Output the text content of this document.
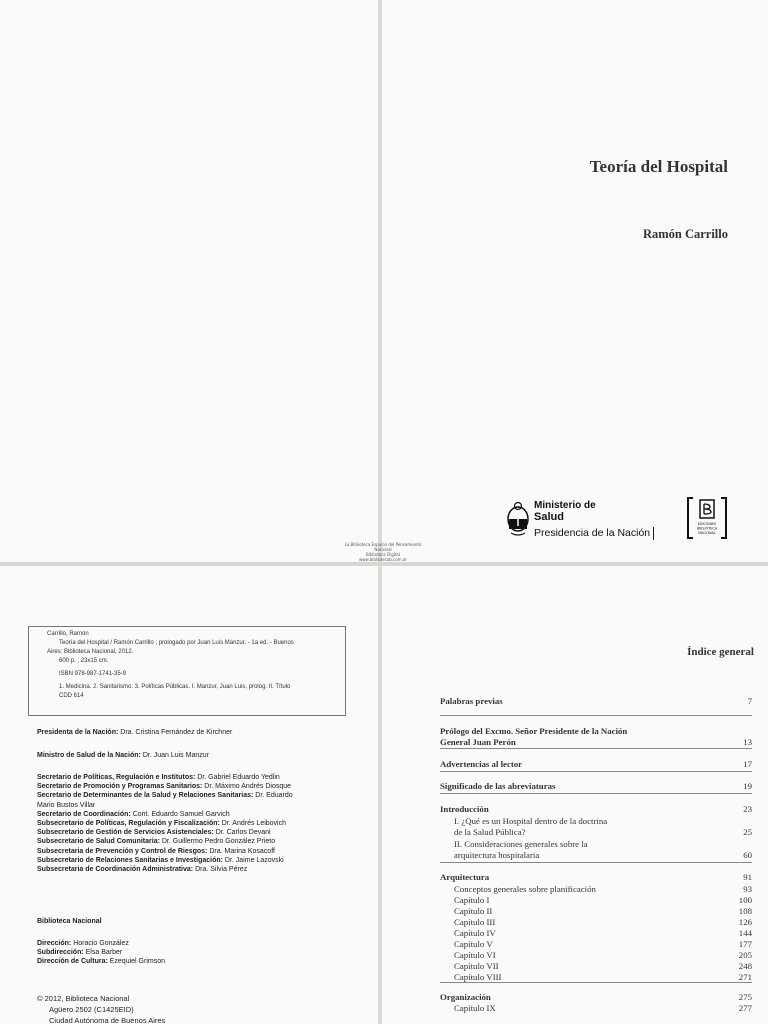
Teoría del Hospital
Ramón Carrillo
Ministerio de
Salud
Presidencia de la Nación
EDICIONES
BIBLIOTECA
NACIONAL
La Biblioteca Espacio del Pensamiento Nacional
Biblioteca Digital
www.bibliotecab.com.ar
Carrillo, Ramón
Teoría del Hospital / Ramón Carrillo ; prologado por Juan Luis Manzur. - 1a ed. - Buenos
Aires: Biblioteca Nacional, 2012.
600 p. ; 23x15 cm.
ISBN 978-987-1741-35-9
1. Medicina. 2. Sanitarismo. 3. Políticas Públicas. I. Manzur, Juan Luis, prolog. II. Título
CDD 614

Presidenta de la Nación: Dra. Cristina Fernández de Kirchner

Ministro de Salud de la Nación: Dr. Juan Luis Manzur

Secretario de Políticas, Regulación e Institutos: Dr. Gabriel Eduardo Yedlin

Secretario de Promoción y Programas Sanitarios: Dr. Máximo Andrés Diosque

Secretario de Determinantes de la Salud y Relaciones Sanitarias: Dr. Eduardo

Mario Bustos Villar

Secretario de Coordinación: Cont. Eduardo Samuel Garvich

Subsecretario de Políticas, Regulación y Fiscalización: Dr. Andrés Leibovich

Subsecretario de Gestión de Servicios Asistenciales: Dr. Carlos Devani

Subsecretario de Salud Comunitaria: Dr. Guillermo Pedro González Prieto

Subsecretaria de Prevención y Control de Riesgos: Dra. Marina Kosacoff

Subsecretario de Relaciones Sanitarias e Investigación: Dr. Jaime Lazovski

Subsecretaria de Coordinación Administrativa: Dra. Silvia Pérez

Biblioteca Nacional

Dirección: Horacio González

Subdirección: Elsa Barber

Dirección de Cultura: Ezequiel Grimson

© 2012, Biblioteca Nacional

Agüero 2502 (C1425EID)

Ciudad Autónoma de Buenos Aires

Índice general
Palabras previas	7
Prólogo del Excmo. Señor Presidente de la Nación
General Juan Perón	13
Advertencias al lector	17
Significado de las abreviaturas	19
Introducción	23
I. ¿Qué es un Hospital dentro de la doctrina
de la Salud Pública?	25
II. Consideraciones generales sobre la
arquitectura hospitalaria	60
Arquitectura	91
Conceptos generales sobre planificación	93
Capítulo I	100
Capítulo II	108
Capítulo III	126
Capítulo IV	144
Capítulo V	177
Capítulo VI	205
Capítulo VII	248
Capítulo VIII	271
Organización	275
Capítulo IX	277
